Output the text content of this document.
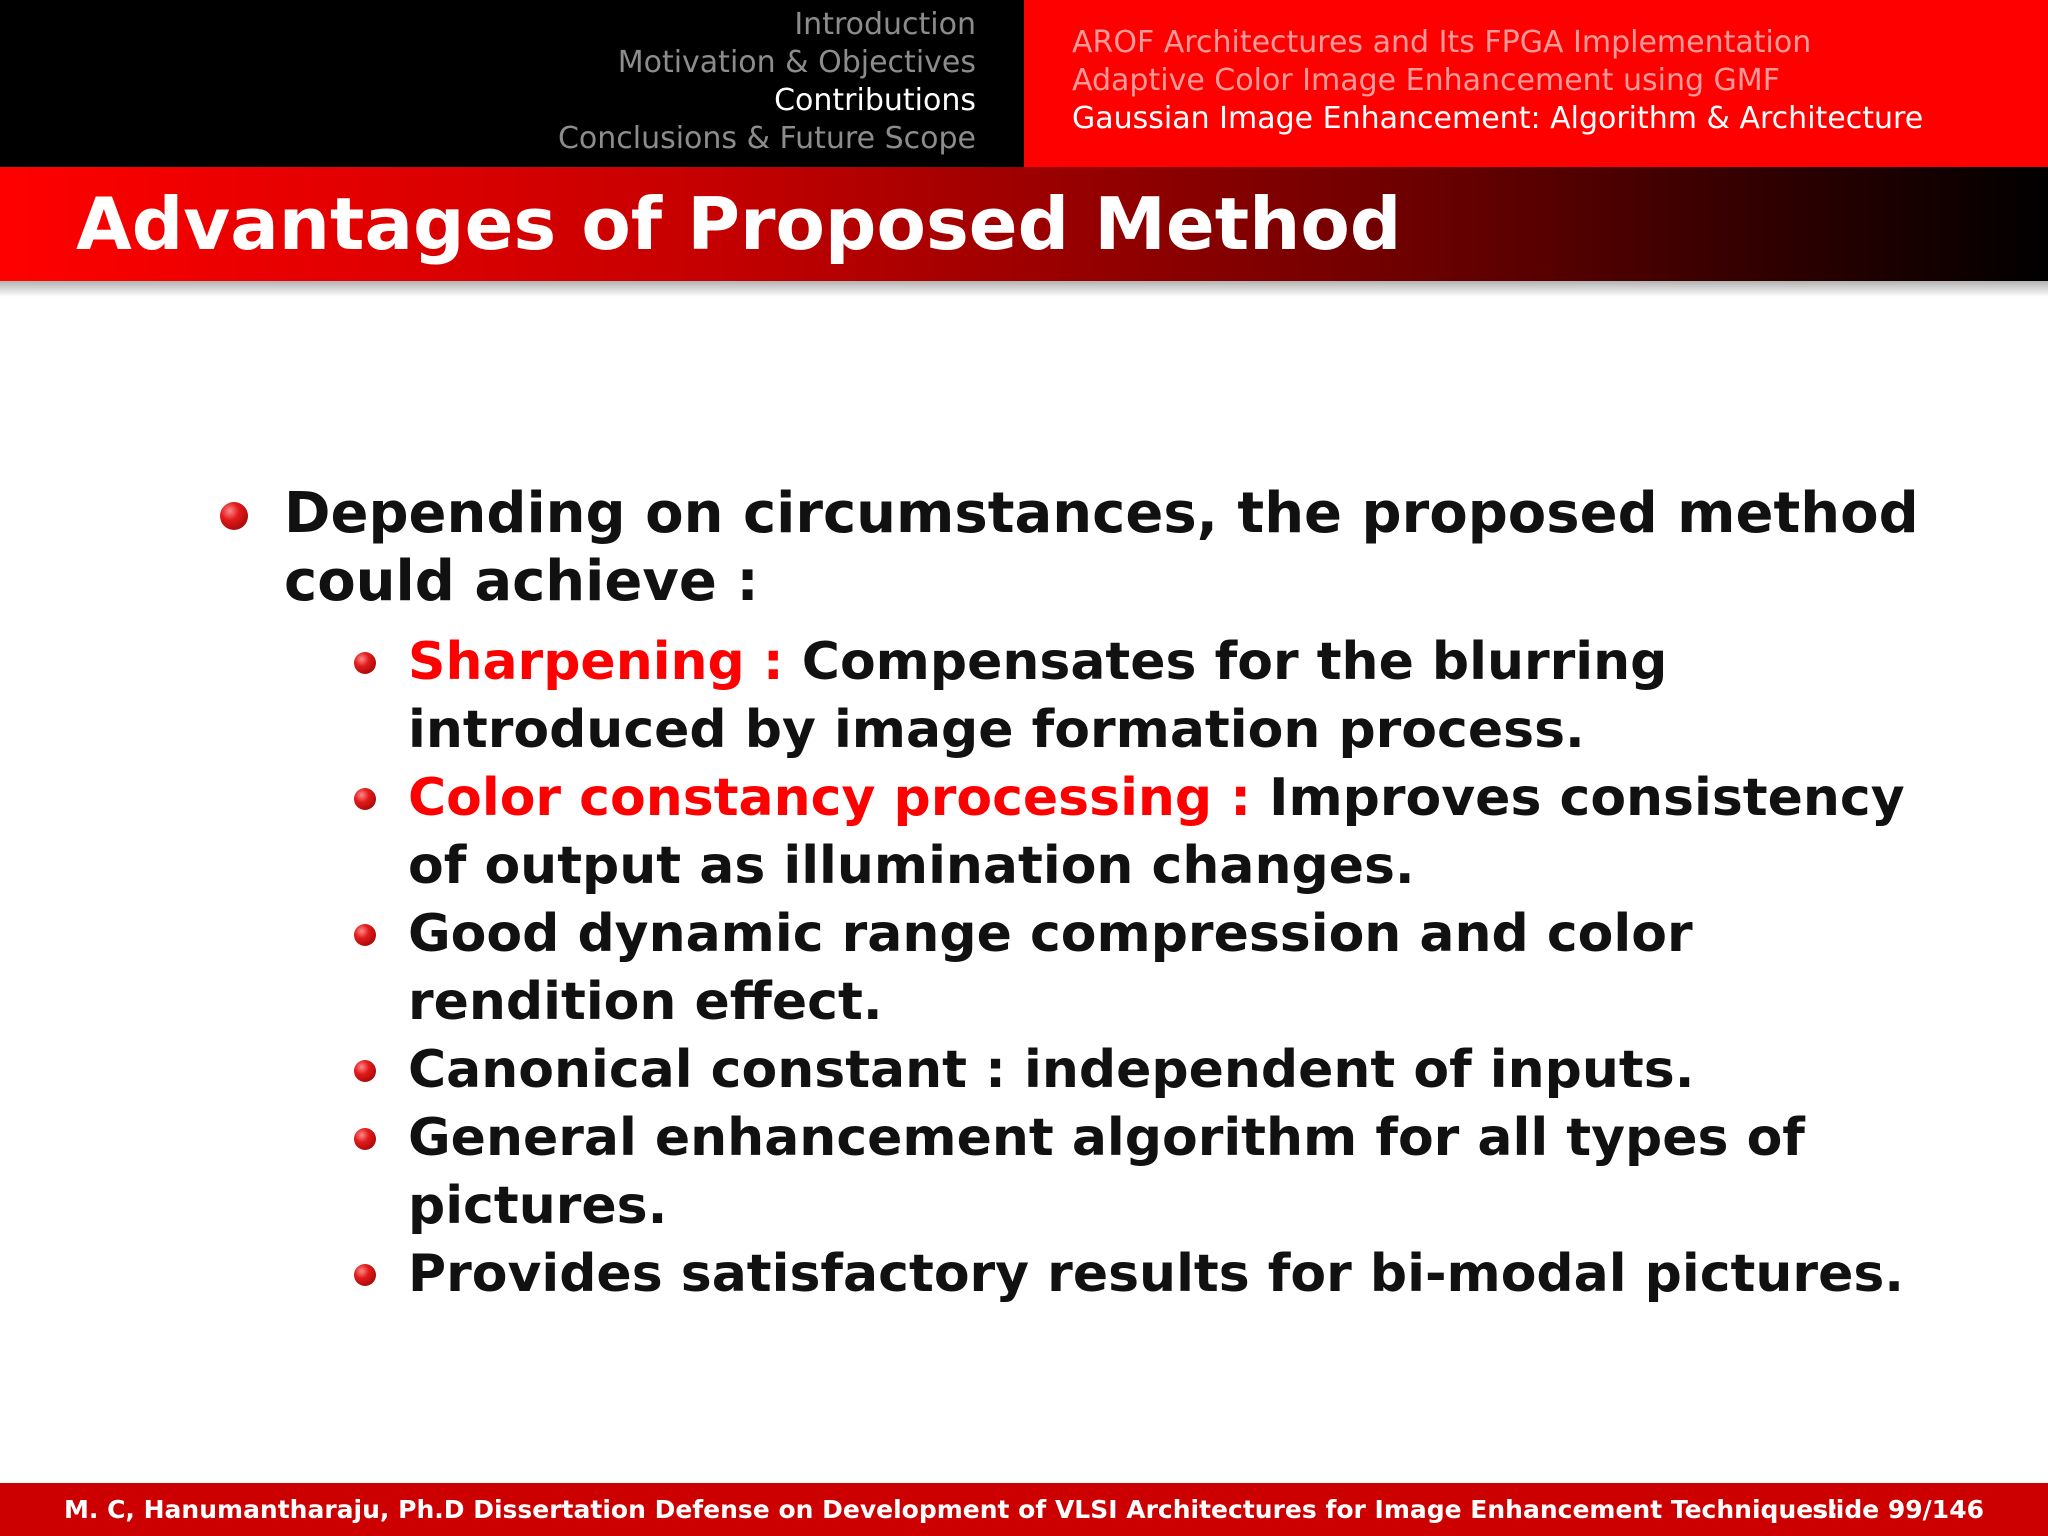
Introduction
Motivation & Objectives
Contributions
Conclusions & Future Scope
AROF Architectures and Its FPGA Implementation
Adaptive Color Image Enhancement using GMF
Gaussian Image Enhancement: Algorithm & Architecture
Advantages of Proposed Method
Depending on circumstances, the proposed method could achieve :
Sharpening : Compensates for the blurring introduced by image formation process.
Color constancy processing : Improves consistency of output as illumination changes.
Good dynamic range compression and color rendition effect.
Canonical constant : independent of inputs.
General enhancement algorithm for all types of pictures.
Provides satisfactory results for bi-modal pictures.
M. C, Hanumantharaju, Ph.D Dissertation Defense on Development of VLSI Architectures for Image Enhancement Techniques:
slide 99/146
